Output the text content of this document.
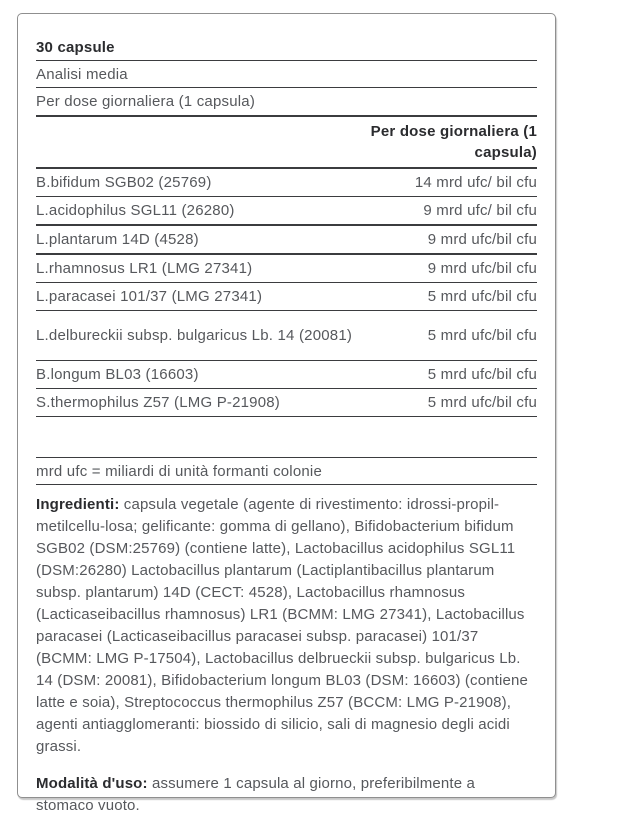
30 capsule
Analisi media
Per dose giornaliera (1 capsula)
Per dose giornaliera (1 capsula)
B.bifidum SGB02 (25769)	14 mrd ufc/ bil cfu
L.acidophilus SGL11 (26280)	9 mrd ufc/ bil cfu
L.plantarum 14D (4528)	9 mrd ufc/bil cfu
L.rhamnosus LR1 (LMG 27341)	9 mrd ufc/bil cfu
L.paracasei 101/37 (LMG 27341)	5 mrd ufc/bil cfu
L.delbureckii subsp. bulgaricus Lb. 14 (20081)	5 mrd ufc/bil cfu
B.longum BL03 (16603)	5 mrd ufc/bil cfu
S.thermophilus Z57 (LMG P-21908)	5 mrd ufc/bil cfu
mrd ufc = miliardi di unità formanti colonie

Ingredienti: capsula vegetale (agente di rivestimento: idrossi-propil-metilcellu-losa; gelificante: gomma di gellano), Bifidobacterium bifidum SGB02 (DSM:25769) (contiene latte), Lactobacillus acidophilus SGL11 (DSM:26280) Lactobacillus plantarum (Lactiplantibacillus plantarum subsp. plantarum) 14D (CECT: 4528), Lactobacillus rhamnosus (Lacticaseibacillus rhamnosus) LR1 (BCMM: LMG 27341), Lactobacillus paracasei (Lacticaseibacillus paracasei subsp. paracasei) 101/37 (BCMM: LMG P-17504), Lactobacillus delbrueckii subsp. bulgaricus Lb. 14 (DSM: 20081), Bifidobacterium longum BL03 (DSM: 16603) (contiene latte e soia), Streptococcus thermophilus Z57 (BCCM: LMG P-21908), agenti antiagglomeranti: biossido di silicio, sali di magnesio degli acidi grassi.

Modalità d'uso: assumere 1 capsula al giorno, preferibilmente a stomaco vuoto.
